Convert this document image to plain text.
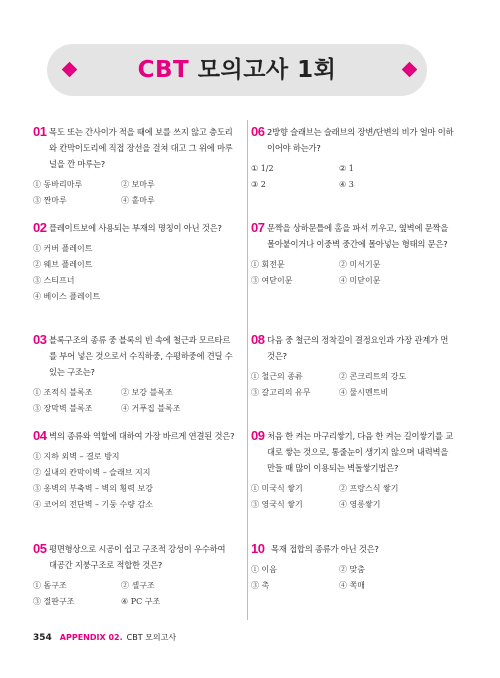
CBT 모의고사 1회
01 목도 또는 간사이가 적을 때에 보를 쓰지 않고 층도리와 칸막이도리에 직접 장선을 걸쳐 대고 그 위에 마루널을 깐 마루는?
① 동바리마루	② 보마루
③ 짠마루	④ 홑마루
02 플레이트보에 사용되는 부재의 명칭이 아닌 것은?
① 커버 플레이트
② 웨브 플레이트
③ 스티프너
④ 베이스 플레이트
03 블록구조의 종류 중 블록의 빈 속에 철근과 모르타르를 부어 넣은 것으로서 수직하중, 수평하중에 견딜 수 있는 구조는?
① 조적식 블록조	② 보강 블록조
③ 장막벽 블록조	④ 거푸집 블록조
04 벽의 종류와 역할에 대하여 가장 바르게 연결된 것은?
① 지하 외벽 – 결로 방지
② 실내의 칸막이벽 – 슬래브 지지
③ 옹벽의 부축벽 – 벽의 횡력 보강
④ 코어의 전단벽 – 기둥 수량 감소
05 평면형상으로 시공이 쉽고 구조적 강성이 우수하여 대공간 지붕구조로 적합한 것은?
① 돔구조	② 셸구조
③ 절판구조	④ PC 구조
06 2방향 슬래브는 슬래브의 장변/단변의 비가 얼마 이하이어야 하는가?
① 1/2	② 1
③ 2	④ 3
07 문짝을 상하문틀에 홈을 파서 끼우고, 옆벽에 문짝을 몰아붙이거나 이중벽 중간에 몰아넣는 형태의 문은?
① 회전문	② 미서기문
③ 여닫이문	④ 미닫이문
08 다음 중 철근의 정착길이 결정요인과 가장 관계가 먼 것은?
① 철근의 종류	② 콘크리트의 강도
③ 갈고리의 유무	④ 물시멘트비
09 처음 한 켜는 마구리쌓기, 다음 한 켜는 길이쌓기를 교대로 쌓는 것으로, 통줄눈이 생기지 않으며 내력벽을 만들 때 많이 이용되는 벽돌쌓기법은?
① 미국식 쌓기	② 프랑스식 쌓기
③ 영국식 쌓기	④ 영롱쌓기
10 목재 접합의 종류가 아닌 것은?
① 이음	② 맞춤
③ 촉	④ 쪽매
354 APPENDIX 02. CBT 모의고사
